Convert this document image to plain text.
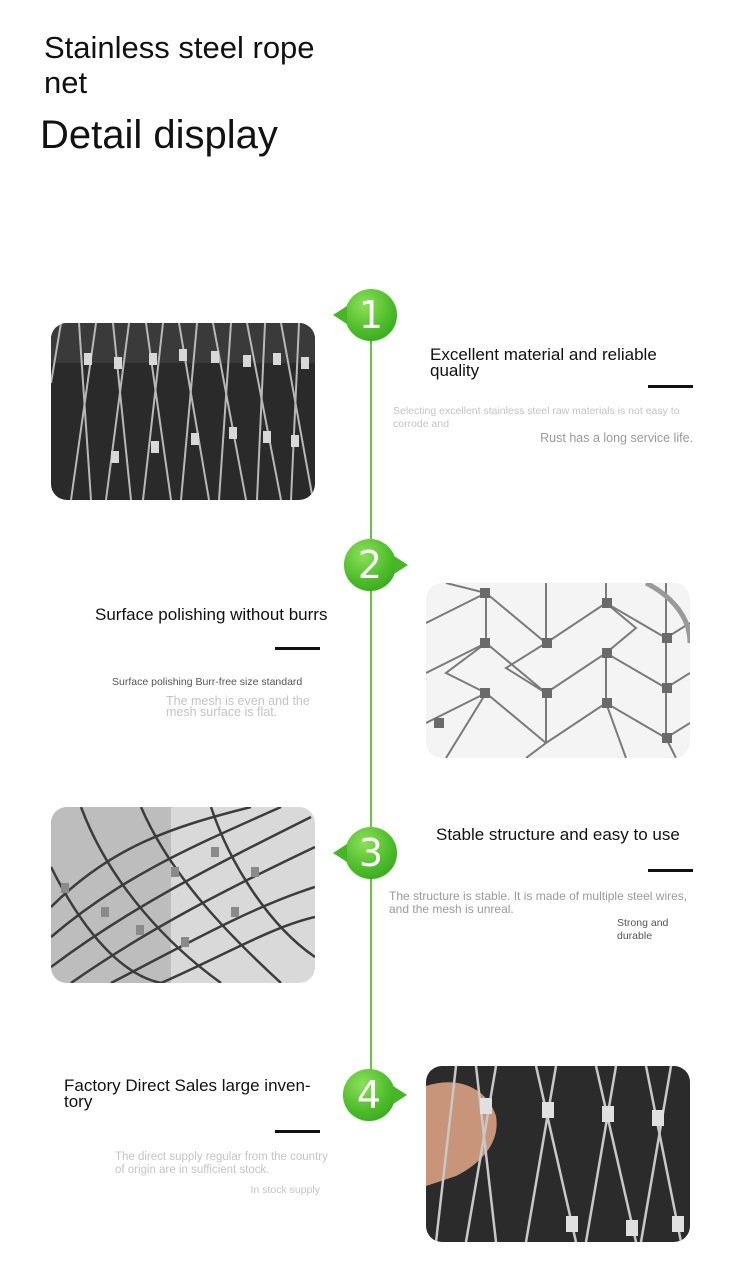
Stainless steel rope net
Detail display
1
Excellent material and reliable quality
Selecting excellent stainless steel raw materials is not easy to corrode and
Rust has a long service life.
2
Surface polishing without burrs
Surface polishing Burr-free size standard
The mesh is even and the mesh surface is flat.
3	Stable structure and easy to use
The structure is stable. It is made of multiple steel wires, and the mesh is unreal.
Strong and durable
Factory Direct Sales large inven-tory
The direct supply regular from the country of origin are in sufficient stock.
In stock supply
4
